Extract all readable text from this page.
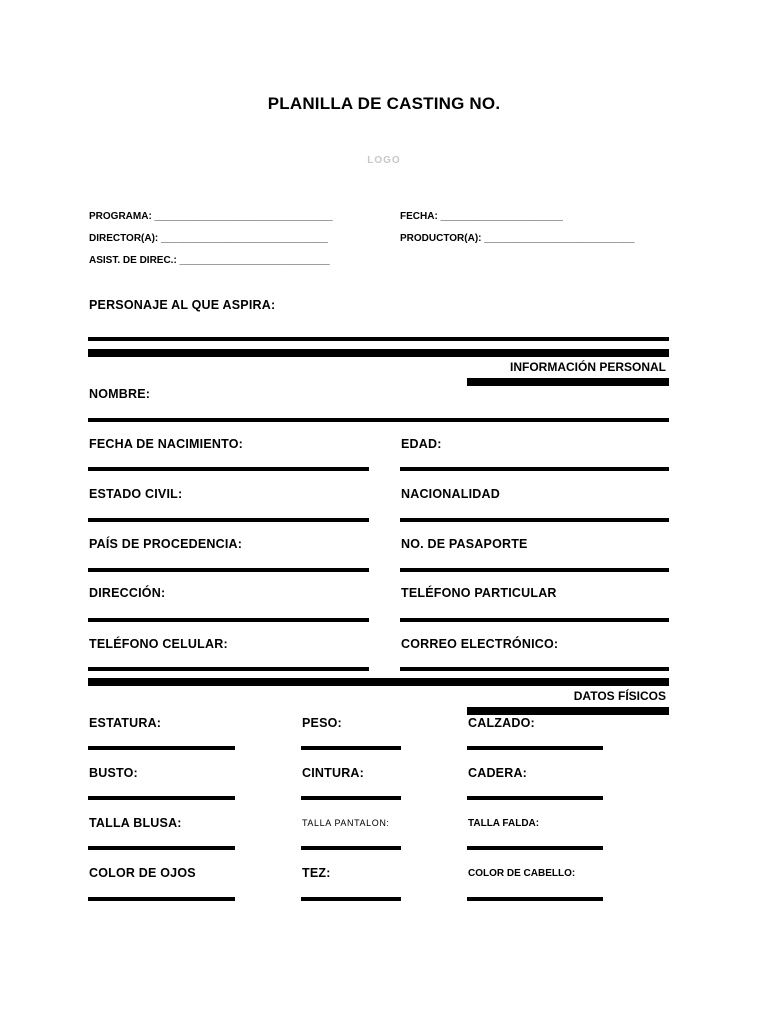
PLANILLA DE CASTING NO.
LOGO
PROGRAMA: ________________________________	FECHA: ______________________
DIRECTOR(A): ______________________________	PRODUCTOR(A): ___________________________
ASIST. DE DIREC.: ___________________________
PERSONAJE AL QUE ASPIRA:
INFORMACIÓN PERSONAL
NOMBRE:
FECHA DE NACIMIENTO:	EDAD:
ESTADO CIVIL:	NACIONALIDAD
PAÍS DE PROCEDENCIA:	NO. DE PASAPORTE
DIRECCIÓN:	TELÉFONO PARTICULAR
TELÉFONO CELULAR:	CORREO ELECTRÓNICO:
DATOS FÍSICOS
ESTATURA:	PESO:	CALZADO:
BUSTO:	CINTURA:	CADERA:
TALLA BLUSA:	TALLA PANTALON:	TALLA FALDA:
COLOR DE OJOS	TEZ:	COLOR DE CABELLO:
